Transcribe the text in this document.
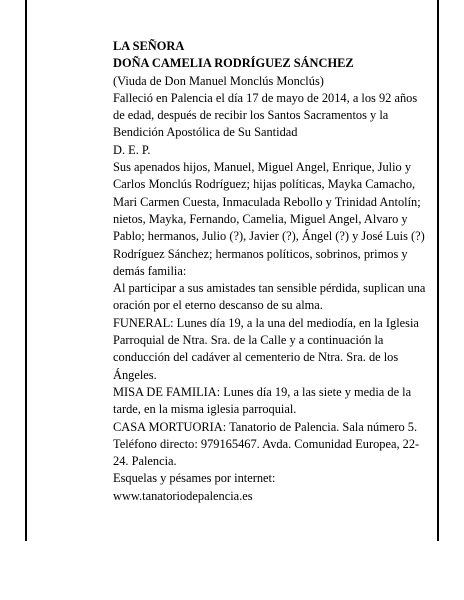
LA SEÑORA

DOÑA CAMELIA RODRÍGUEZ SÁNCHEZ

(Viuda de Don Manuel Monclús Monclús)

Falleció en Palencia el día 17 de mayo de 2014, a los 92 años de edad, después de recibir los Santos Sacramentos y la Bendición Apostólica de Su Santidad

D. E. P.

Sus apenados hijos, Manuel, Miguel Angel, Enrique, Julio y Carlos Monclús Rodríguez; hijas políticas, Mayka Camacho, Mari Carmen Cuesta, Inmaculada Rebollo y Trinidad Antolín; nietos, Mayka, Fernando, Camelia, Miguel Angel, Alvaro y Pablo; hermanos, Julio (?), Javier (?), Ángel (?) y José Luis (?) Rodríguez Sánchez; hermanos políticos, sobrinos, primos y demás familia:

Al participar a sus amistades tan sensible pérdida, suplican una oración por el eterno descanso de su alma.

FUNERAL: Lunes día 19, a la una del mediodía, en la Iglesia Parroquial de Ntra. Sra. de la Calle y a continuación la conducción del cadáver al cementerio de Ntra. Sra. de los Ángeles.

MISA DE FAMILIA: Lunes día 19, a las siete y media de la tarde, en la misma iglesia parroquial.

CASA MORTUORIA: Tanatorio de Palencia. Sala número 5. Teléfono directo: 979165467. Avda. Comunidad Europea, 22-24. Palencia.

Esquelas y pésames por internet:

www.tanatoriodepalencia.es
